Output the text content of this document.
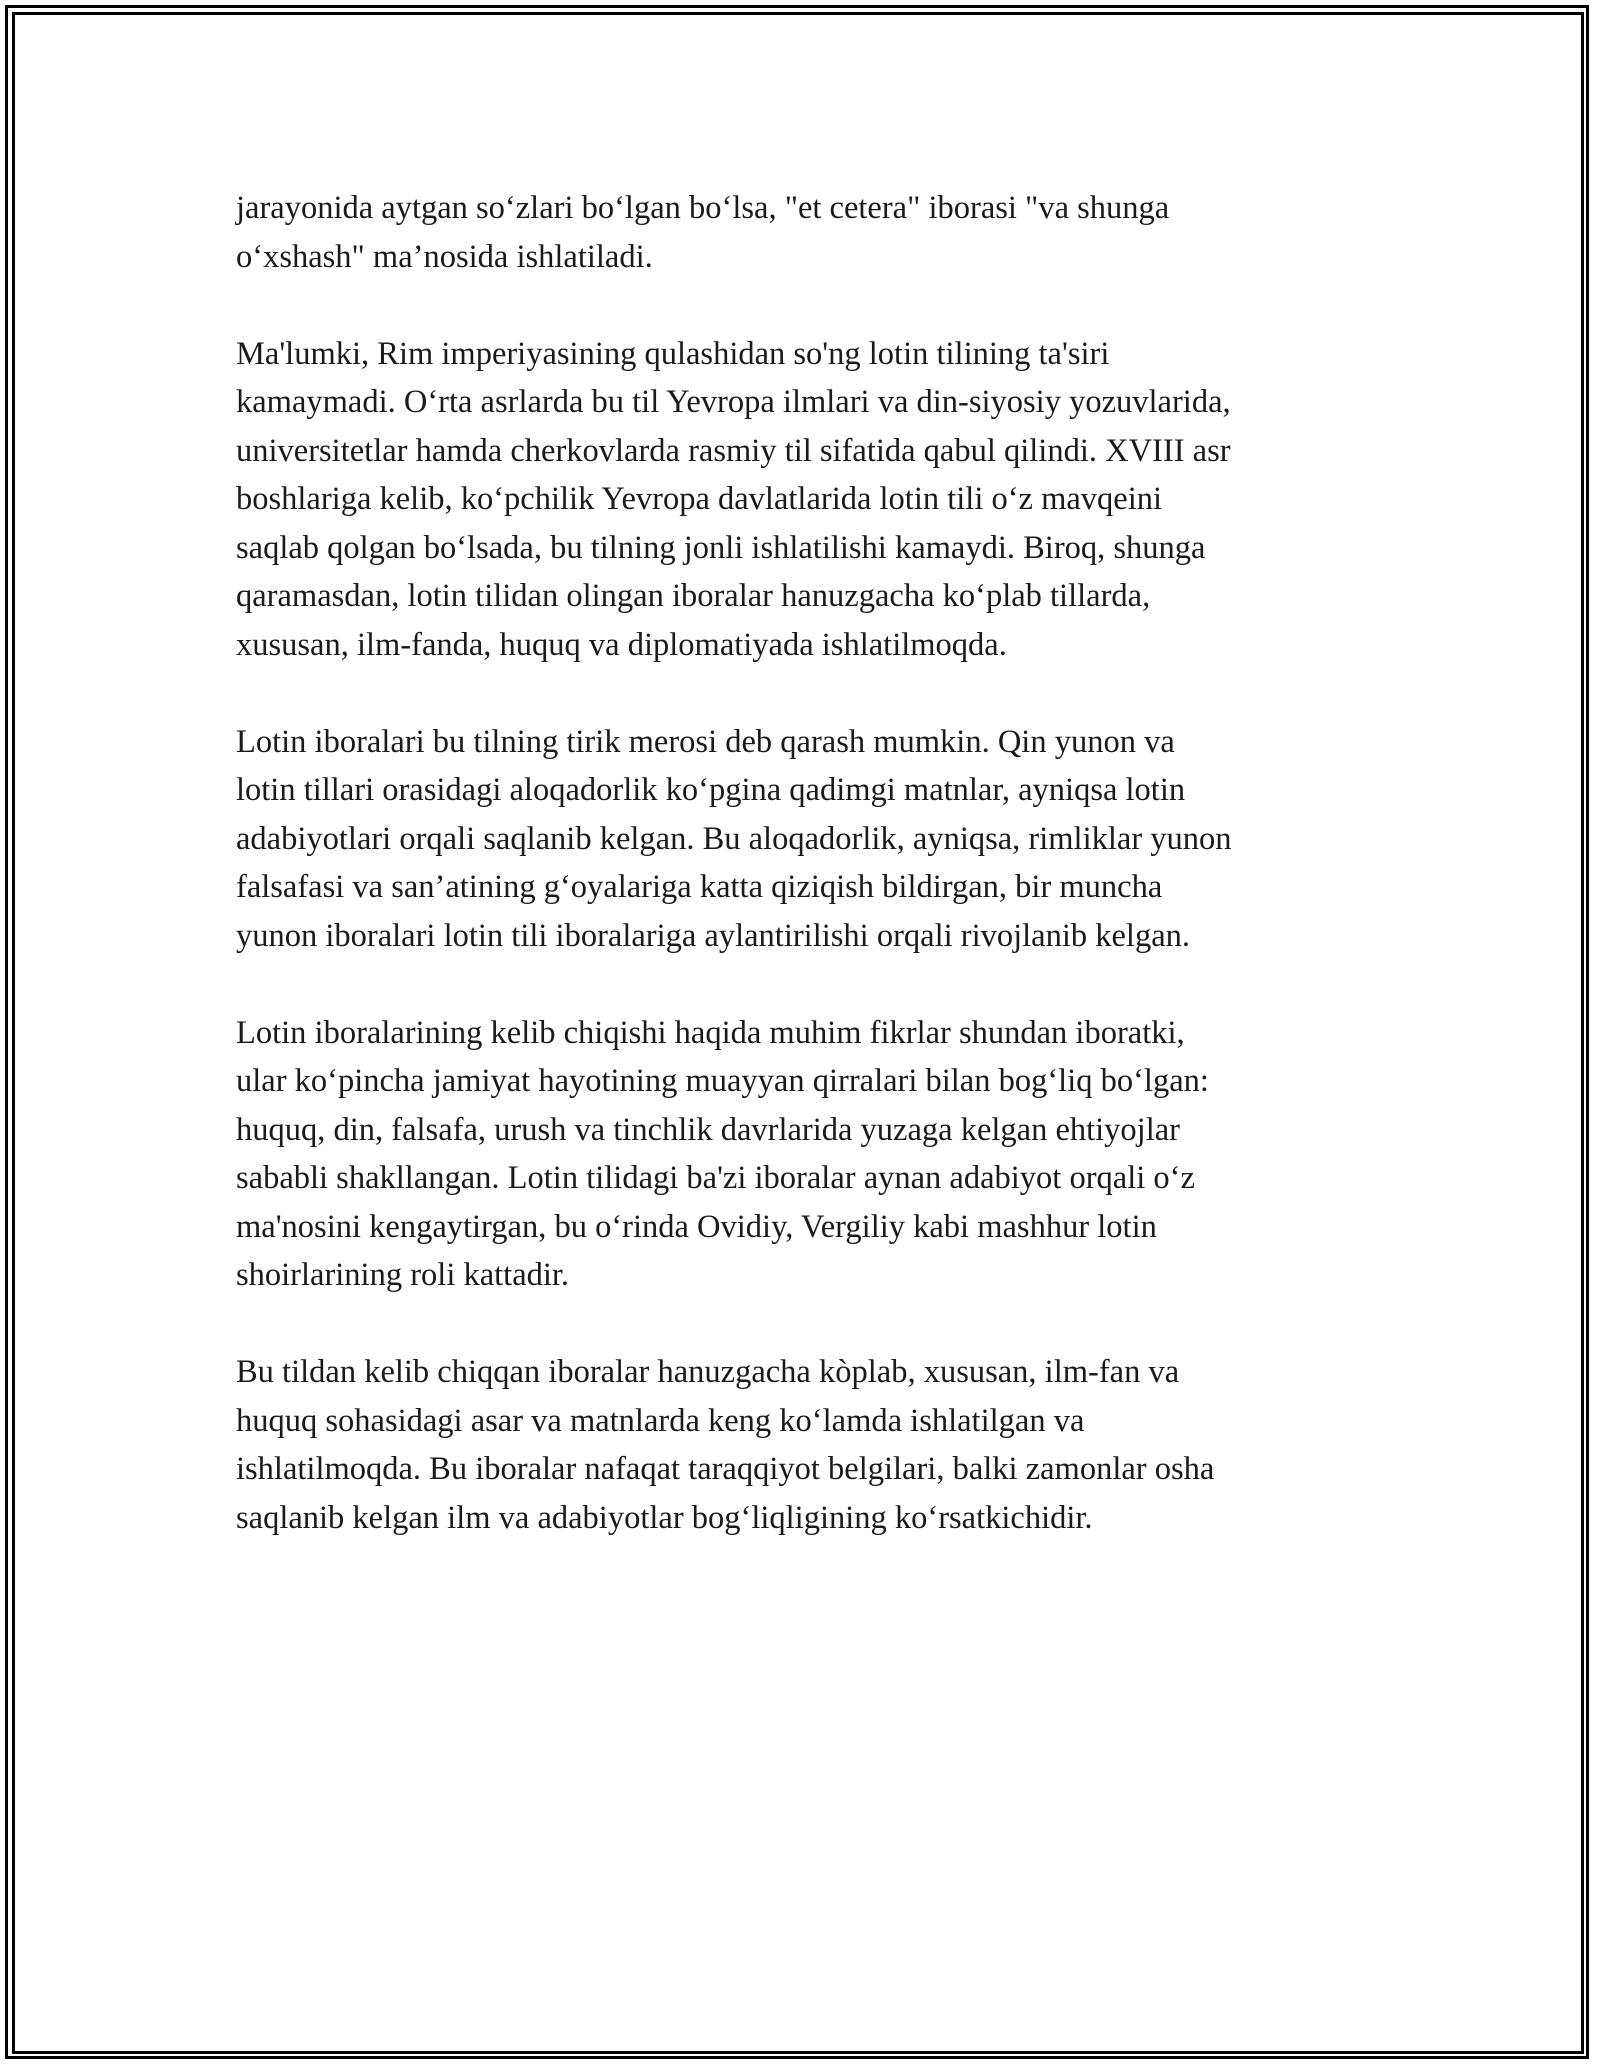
jarayonida aytgan so‘zlari bo‘lgan bo‘lsa, "et cetera" iborasi "va shunga
o‘xshash" ma’nosida ishlatiladi.

Ma'lumki, Rim imperiyasining qulashidan so'ng lotin tilining ta'siri
kamaymadi. O‘rta asrlarda bu til Yevropa ilmlari va din-siyosiy yozuvlarida,
universitetlar hamda cherkovlarda rasmiy til sifatida qabul qilindi. XVIII asr
boshlariga kelib, ko‘pchilik Yevropa davlatlarida lotin tili o‘z mavqeini
saqlab qolgan bo‘lsada, bu tilning jonli ishlatilishi kamaydi. Biroq, shunga
qaramasdan, lotin tilidan olingan iboralar hanuzgacha ko‘plab tillarda,
xususan, ilm-fanda, huquq va diplomatiyada ishlatilmoqda.

Lotin iboralari bu tilning tirik merosi deb qarash mumkin. Qin yunon va
lotin tillari orasidagi aloqadorlik ko‘pgina qadimgi matnlar, ayniqsa lotin
adabiyotlari orqali saqlanib kelgan. Bu aloqadorlik, ayniqsa, rimliklar yunon
falsafasi va san’atining g‘oyalariga katta qiziqish bildirgan, bir muncha
yunon iboralari lotin tili iboralariga aylantirilishi orqali rivojlanib kelgan.

Lotin iboralarining kelib chiqishi haqida muhim fikrlar shundan iboratki,
ular ko‘pincha jamiyat hayotining muayyan qirralari bilan bog‘liq bo‘lgan:
huquq, din, falsafa, urush va tinchlik davrlarida yuzaga kelgan ehtiyojlar
sababli shakllangan. Lotin tilidagi ba'zi iboralar aynan adabiyot orqali o‘z
ma'nosini kengaytirgan, bu o‘rinda Ovidiy, Vergiliy kabi mashhur lotin
shoirlarining roli kattadir.

Bu tildan kelib chiqqan iboralar hanuzgacha kòplab, xususan, ilm-fan va
huquq sohasidagi asar va matnlarda keng ko‘lamda ishlatilgan va
ishlatilmoqda. Bu iboralar nafaqat taraqqiyot belgilari, balki zamonlar osha
saqlanib kelgan ilm va adabiyotlar bog‘liqligining ko‘rsatkichidir.
